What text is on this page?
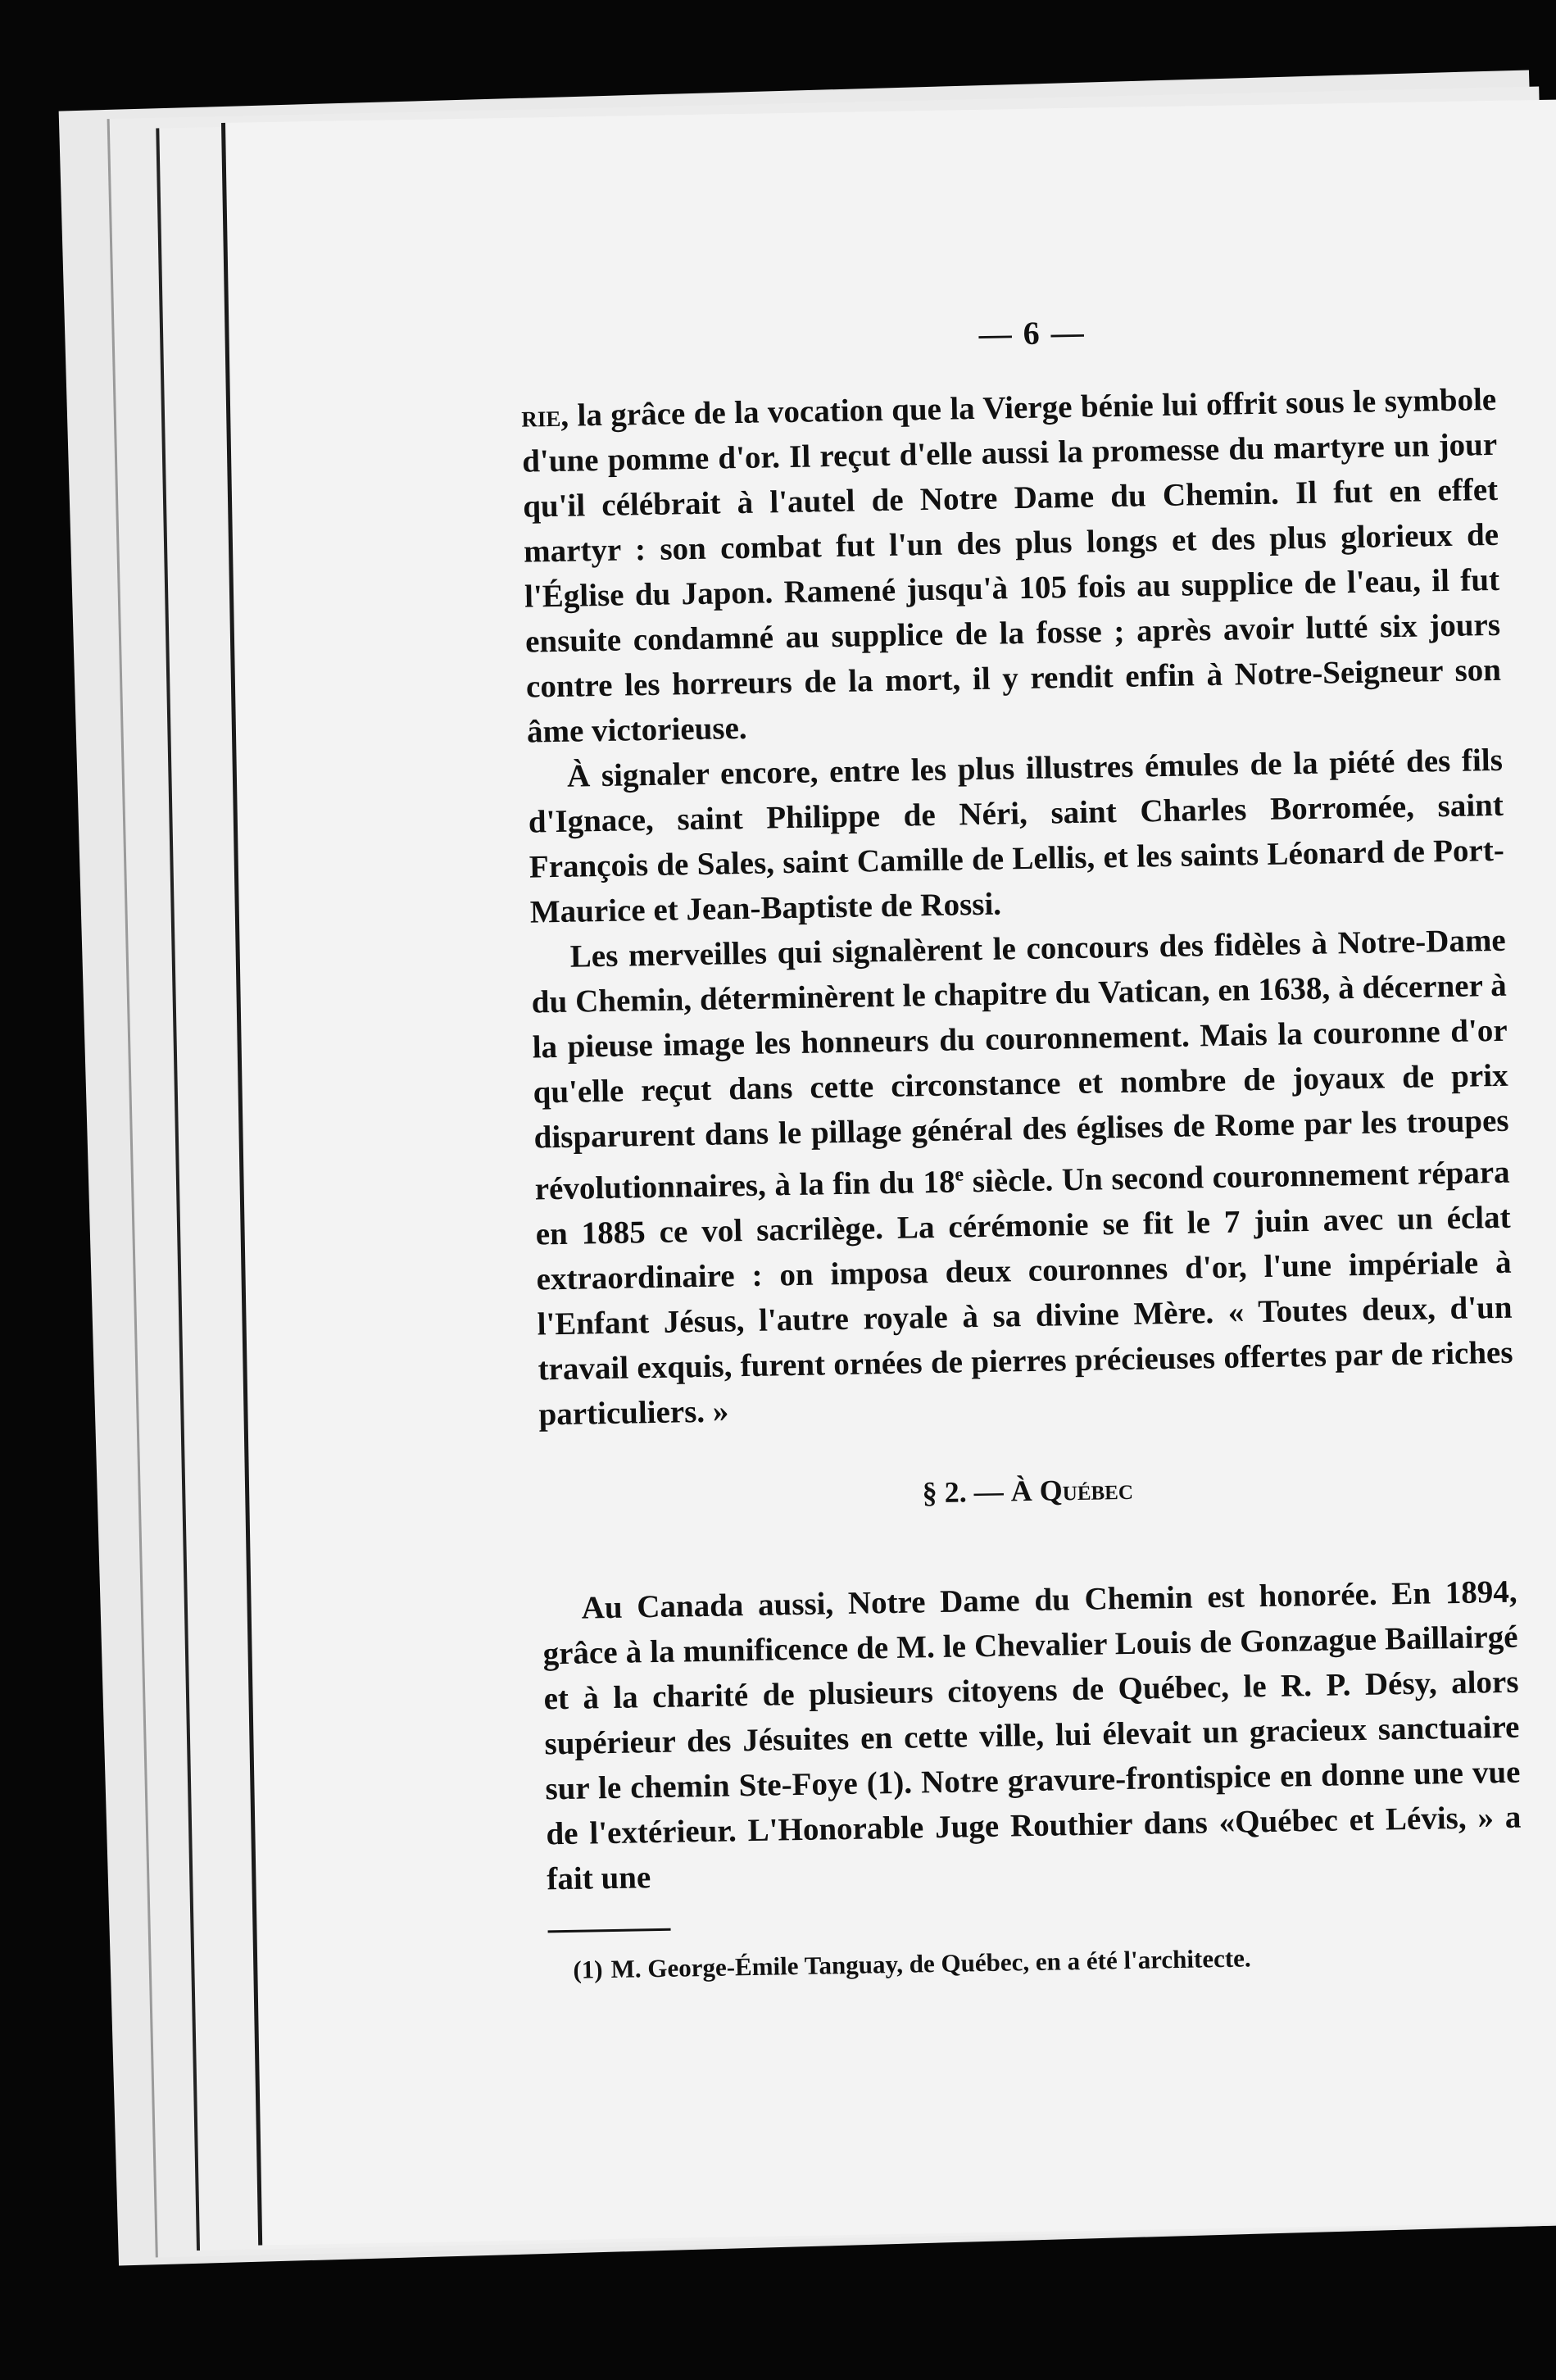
— 6 —

rie, la grâce de la vocation que la Vierge bénie lui offrit sous le symbole d'une pomme d'or. Il reçut d'elle aussi la promesse du martyre un jour qu'il célébrait à l'autel de Notre Dame du Chemin. Il fut en effet martyr : son combat fut l'un des plus longs et des plus glorieux de l'Église du Japon. Ramené jusqu'à 105 fois au supplice de l'eau, il fut ensuite condamné au supplice de la fosse ; après avoir lutté six jours contre les horreurs de la mort, il y rendit enfin à Notre-Seigneur son âme victorieuse.

À signaler encore, entre les plus illustres émules de la piété des fils d'Ignace, saint Philippe de Néri, saint Charles Borromée, saint François de Sales, saint Camille de Lellis, et les saints Léonard de Port-Maurice et Jean-Baptiste de Rossi.

Les merveilles qui signalèrent le concours des fidèles à Notre-Dame du Chemin, déterminèrent le chapitre du Vatican, en 1638, à décerner à la pieuse image les honneurs du couronnement. Mais la couronne d'or qu'elle reçut dans cette circonstance et nombre de joyaux de prix disparurent dans le pillage général des églises de Rome par les troupes révolutionnaires, à la fin du 18e siècle. Un second couronnement répara en 1885 ce vol sacrilège. La cérémonie se fit le 7 juin avec un éclat extraordinaire : on imposa deux couronnes d'or, l'une impériale à l'Enfant Jésus, l'autre royale à sa divine Mère. « Toutes deux, d'un travail exquis, furent ornées de pierres précieuses offertes par de riches particuliers. »

§ 2. — À Québec

Au Canada aussi, Notre Dame du Chemin est honorée. En 1894, grâce à la munificence de M. le Chevalier Louis de Gonzague Baillairgé et à la charité de plusieurs citoyens de Québec, le R. P. Désy, alors supérieur des Jésuites en cette ville, lui élevait un gracieux sanctuaire sur le chemin Ste-Foye (1). Notre gravure-frontispice en donne une vue de l'extérieur. L'Honorable Juge Routhier dans «Québec et Lévis, » a fait une

(1) M. George-Émile Tanguay, de Québec, en a été l'architecte.
